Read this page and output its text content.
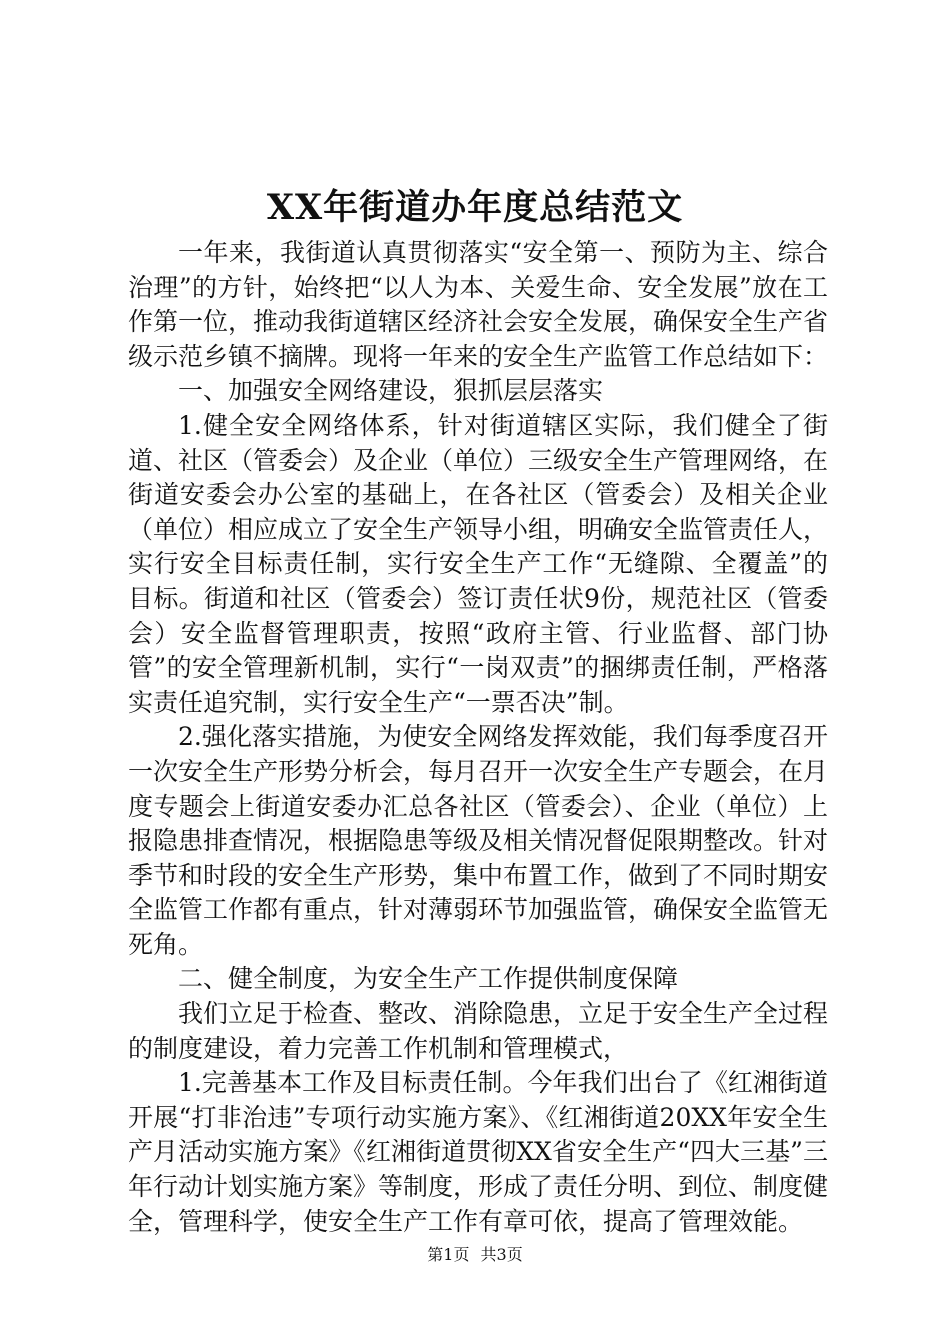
XX年街道办年度总结范文

一年来，我街道认真贯彻落实“安全第一、预防为主、综合治理”的方针，始终把“以人为本、关爱生命、安全发展”放在工作第一位，推动我街道辖区经济社会安全发展，确保安全生产省级示范乡镇不摘牌。现将一年来的安全生产监管工作总结如下：

一、加强安全网络建设，狠抓层层落实

1.健全安全网络体系，针对街道辖区实际，我们健全了街道、社区（管委会）及企业（单位）三级安全生产管理网络，在街道安委会办公室的基础上，在各社区（管委会）及相关企业（单位）相应成立了安全生产领导小组，明确安全监管责任人，实行安全目标责任制，实行安全生产工作“无缝隙、全覆盖”的目标。街道和社区（管委会）签订责任状9份，规范社区（管委会）安全监督管理职责，按照“政府主管、行业监督、部门协管”的安全管理新机制，实行“一岗双责”的捆绑责任制，严格落实责任追究制，实行安全生产“一票否决”制。

2.强化落实措施，为使安全网络发挥效能，我们每季度召开一次安全生产形势分析会，每月召开一次安全生产专题会，在月度专题会上街道安委办汇总各社区（管委会）、企业（单位）上报隐患排查情况，根据隐患等级及相关情况督促限期整改。针对季节和时段的安全生产形势，集中布置工作，做到了不同时期安全监管工作都有重点，针对薄弱环节加强监管，确保安全监管无死角。

二、健全制度，为安全生产工作提供制度保障

我们立足于检查、整改、消除隐患，立足于安全生产全过程的制度建设，着力完善工作机制和管理模式，

1.完善基本工作及目标责任制。今年我们出台了《红湘街道开展“打非治违”专项行动实施方案》、《红湘街道20XX年安全生产月活动实施方案》《红湘街道贯彻XX省安全生产“四大三基”三年行动计划实施方案》等制度，形成了责任分明、到位、制度健全，管理科学，使安全生产工作有章可依，提高了管理效能。

第1页 共3页
